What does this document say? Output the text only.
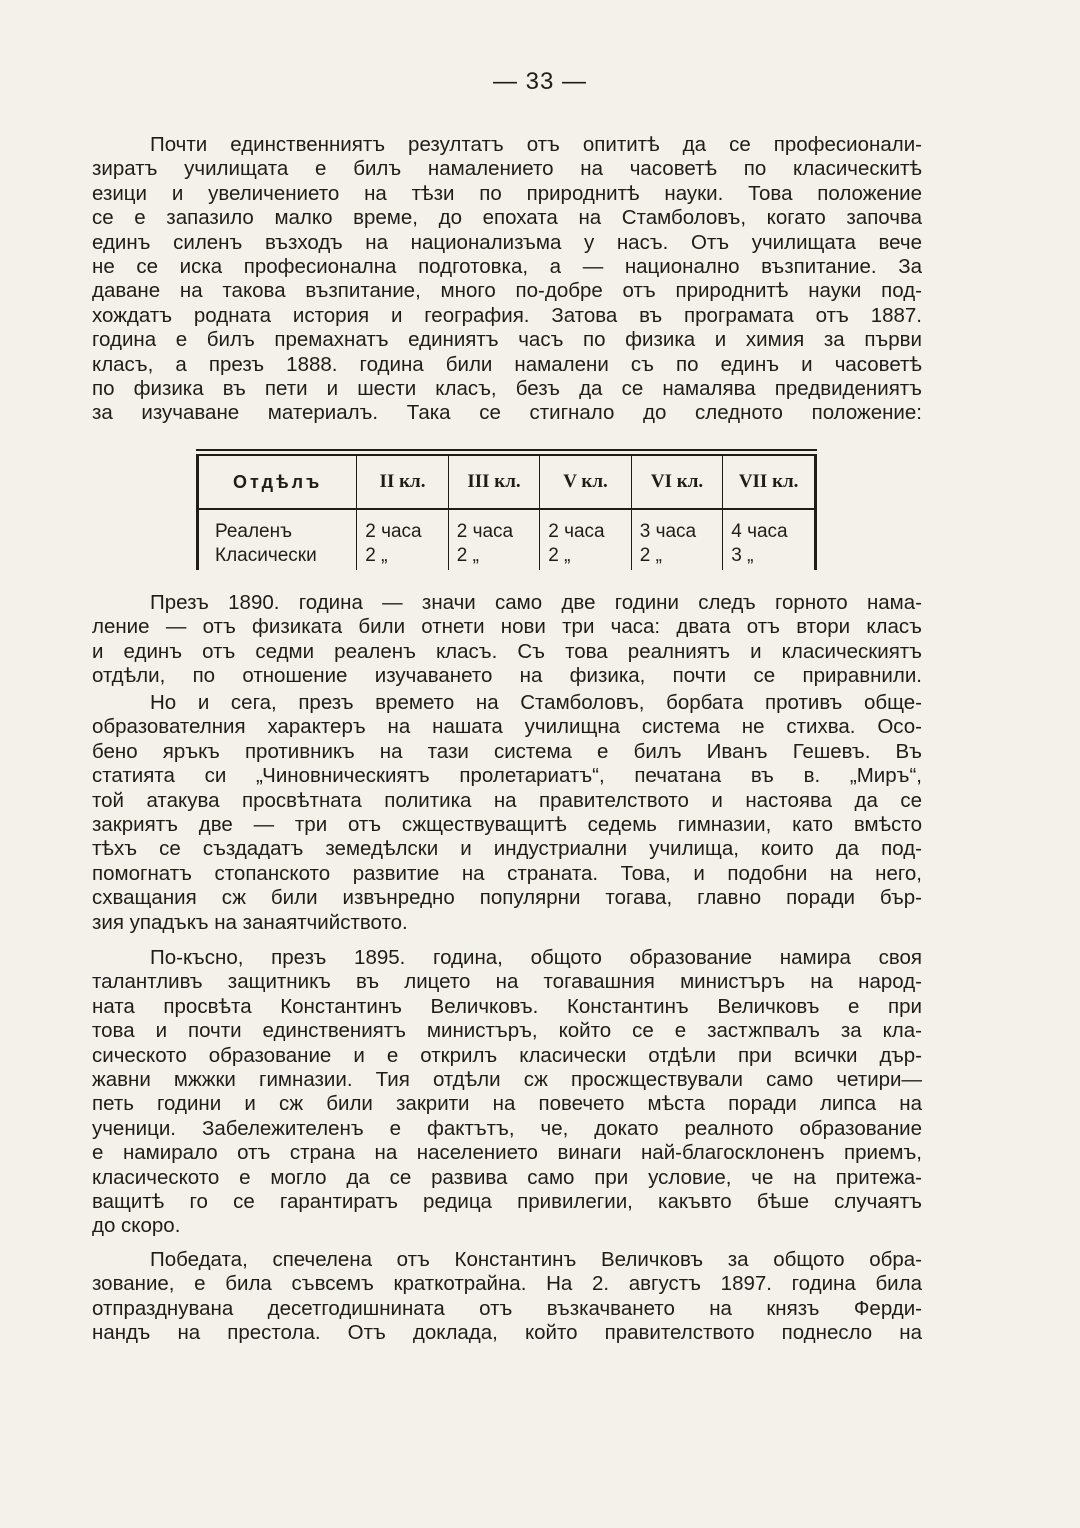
— 33 —
Почти единственниятъ резултатъ отъ опититѣ да се професионали-
зиратъ училищата е билъ намалението на часоветѣ по класическитѣ
езици и увеличението на тѣзи по природнитѣ науки. Това положение
се е запазило малко време, до епохата на Стамболовъ, когато започва
единъ силенъ възходъ на национализъма у насъ. Отъ училищата вече
не се иска професионална подготовка, а — национално възпитание. За
даване на такова възпитание, много по-добре отъ природнитѣ науки под-
хождатъ родната история и география. Затова въ програмата отъ 1887.
година е билъ премахнатъ единиятъ часъ по физика и химия за първи
класъ, а презъ 1888. година били намалени съ по единъ и часоветѣ
по физика въ пети и шести класъ, безъ да се намалява предвидениятъ
за изучаване материалъ. Така се стигнало до следното положение:
Отдѣлъ	II кл.	III кл.	V кл.	VI кл.	VII кл.

Реаленъ	2 часа	2 часа	2 часа	3 часа	4 часа
Класически	2 „	2 „	2 „	2 „	3 „
Презъ 1890. година — значи само две години следъ горното нама-
ление — отъ физиката били отнети нови три часа: двата отъ втори класъ
и единъ отъ седми реаленъ класъ. Съ това реалниятъ и класическиятъ
отдѣли, по отношение изучаването на физика, почти се приравнили.
Но и сега, презъ времето на Стамболовъ, борбата противъ обще-
образователния характеръ на нашата училищна система не стихва. Осо-
бено яръкъ противникъ на тази система е билъ Иванъ Гешевъ. Въ
статията си „Чиновническиятъ пролетариатъ“, печатана въ в. „Миръ“,
той атакува просвѣтната политика на правителството и настоява да се
закриятъ две — три отъ сжществуващитѣ седемь гимназии, като вмѣсто
тѣхъ се създадатъ земедѣлски и индустриални училища, които да под-
помогнатъ стопанското развитие на страната. Това, и подобни на него,
схващания сж били извънредно популярни тогава, главно поради бър-
зия упадъкъ на занаятчийството.
По-късно, презъ 1895. година, общото образование намира своя
талантливъ защитникъ въ лицето на тогавашния министъръ на народ-
ната просвѣта Константинъ Величковъ. Константинъ Величковъ е при
това и почти единствениятъ министъръ, който се е застжпвалъ за кла-
сическото образование и е открилъ класически отдѣли при всички дър-
жавни мжжки гимназии. Тия отдѣли сж просжществували само четири—
петь години и сж били закрити на повечето мѣста поради липса на
ученици. Забележителенъ е фактътъ, че, докато реалното образование
е намирало отъ страна на населението винаги най-благосклоненъ приемъ,
класическото е могло да се развива само при условие, че на притежа-
ващитѣ го се гарантиратъ редица привилегии, какъвто бѣше случаятъ
до скоро.
Победата, спечелена отъ Константинъ Величковъ за общото обра-
зование, е била съвсемъ краткотрайна. На 2. августъ 1897. година била
отпразднувана десетгодишнината отъ възкачването на князъ Ферди-
нандъ на престола. Отъ доклада, който правителството поднесло на
